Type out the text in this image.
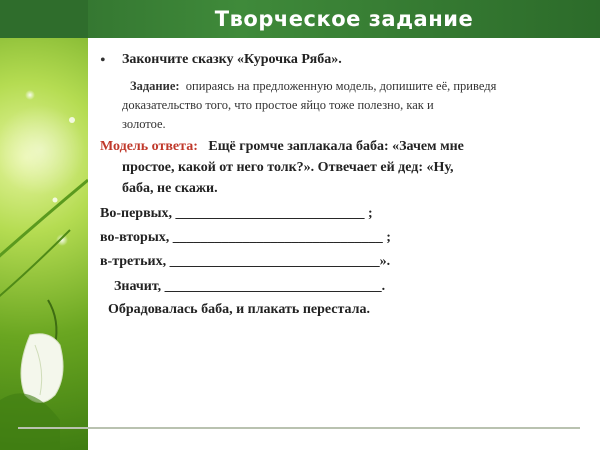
Творческое задание
• Закончите сказку «Курочка Ряба».
Задание: опираясь на предложенную модель, допишите её, приведя
доказательство того, что простое яйцо тоже полезно, как и
золотое.
Модель ответа: Ещё громче заплакала баба: «Зачем мне
простое, какой от него толк?». Отвечает ей дед: «Ну,
баба, не скажи.
Во-первых, ___________________________ ;
во-вторых, ______________________________ ;
в-третьих, ______________________________».
Значит, _______________________________.
Обрадовалась баба, и плакать перестала.
